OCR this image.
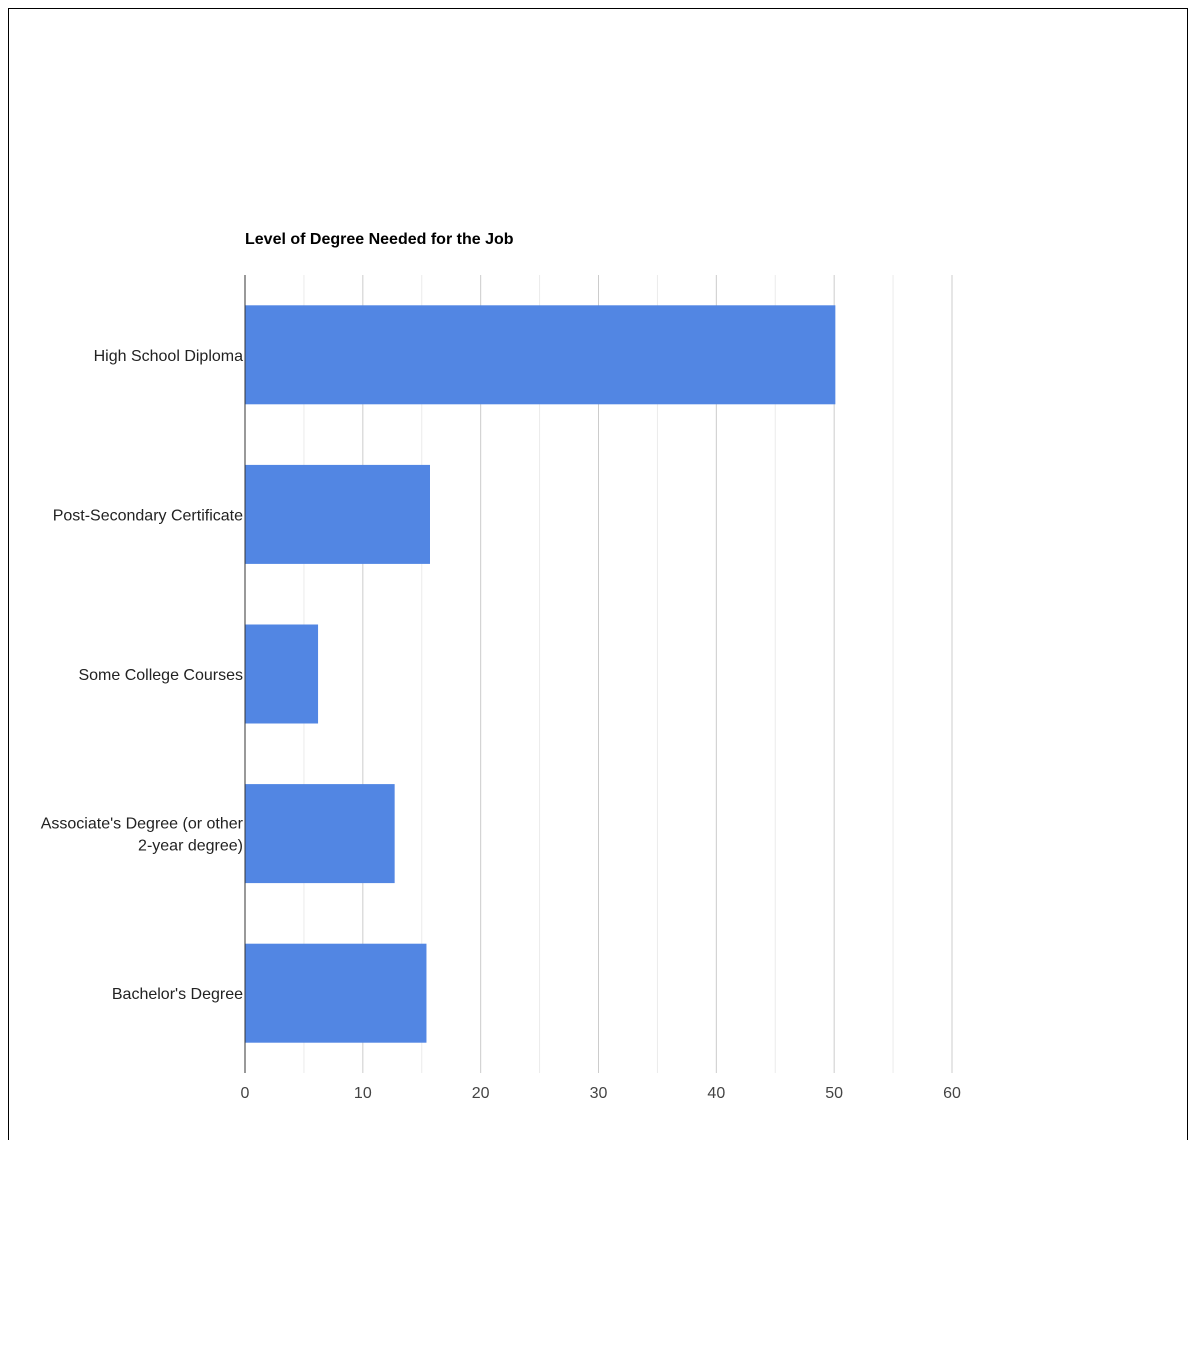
High School Diploma
Post-Secondary Certificate
Some College Courses
Associate's Degree (or other 2-year degree)
Bachelor's Degree
0	10	20	30	40	50	60
Level of Degree Needed for the Job
